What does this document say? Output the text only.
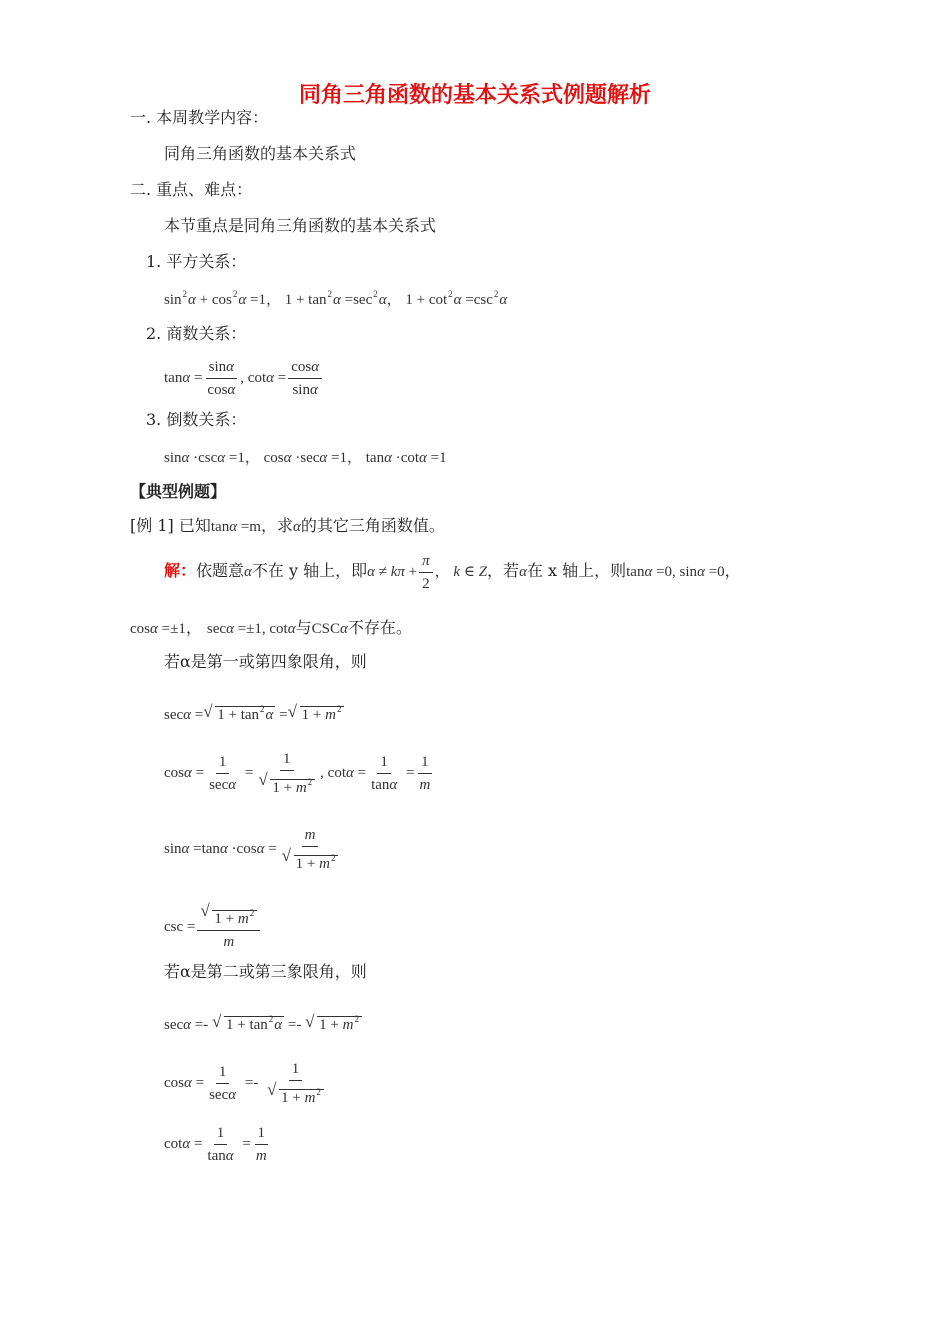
同角三角函数的基本关系式例题解析
一. 本周教学内容：
同角三角函数的基本关系式
二. 重点、难点：
本节重点是同角三角函数的基本关系式
1. 平方关系：
$\sin^2\alpha + \cos^2\alpha =1$， $1 + \tan^2\alpha =\sec^2\alpha$， $1 + \cot^2\alpha =\csc^2\alpha$
2. 商数关系：
$\tan\alpha = \frac{\sin\alpha}{\cos\alpha}$ , $\cot\alpha = \frac{\cos\alpha}{\sin\alpha}$
3. 倒数关系：
sinα ·cscα =1， cosα ·secα =1， tanα ·cotα =1
【典型例题】
[例 1] 已知tanα =m，求α的其它三角函数值。
解：依题意α不在 y 轴上，即$\alpha \ne k\pi + \frac{\pi}{2}$ ， k ∈ Z，若α在 x 轴上，则tanα =0, sinα =0，
cosα =±1， secα =±1, cotα与CSCα不存在。
若α是第一或第四象限角，则
secα = √ $1 + \tan^2\alpha$ = √ $1 + m^2$
$\cos\alpha = \frac{1}{\sec\alpha} = 1$
√ $1 + m^2$ , $\cot\alpha = \frac{1}{\tan\alpha} = \frac{1}{m}$
sinα =tanα ·cosα = m
√ $1 + m^2$
csc = √ $\frac{1 + m^2}{m}$
若α是第二或第三象限角，则
secα =- √ $1 + \tan^2\alpha$ =- √ $1 + m^2$
$\cos\alpha = \frac{1}{\sec\alpha} =- 1$
√ $1 + m^2$
$\cot\alpha = \frac{1}{\tan\alpha} = \frac{1}{m}$
